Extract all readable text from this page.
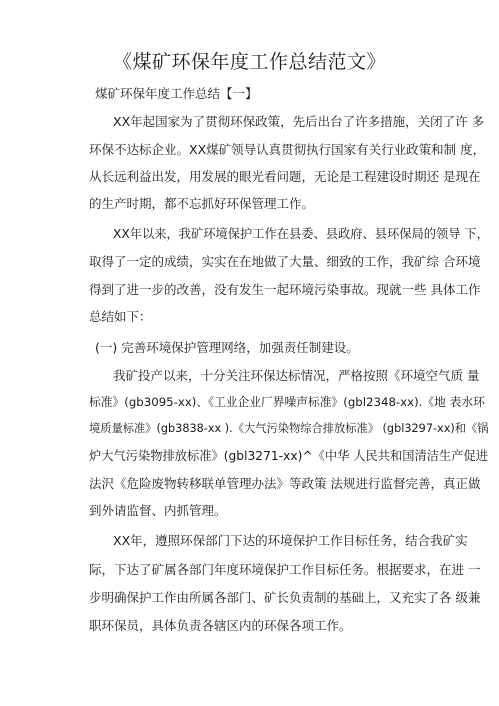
《煤矿环保年度工作总结范文》
煤矿环保年度工作总结【一】
XX年起国家为了贯彻环保政策，先后出台了许多措施，关闭了许 多
环保不达标企业。XX煤矿领导认真贯彻执行国家有关行业政策和制 度，
从长远利益出发，用发展的眼光看问题，无论是工程建设时期还 是现在
的生产时期，都不忘抓好环保管理工作。
XX年以来，我矿环境保护工作在县委、县政府、县环保局的领导 下，
取得了一定的成绩，实实在在地做了大量、细致的工作，我矿综 合环境
得到了进一步的改善，没有发生一起环境污染事故。现就一些 具体工作
总结如下：
(一) 完善环境保护管理网络，加强责任制建设。
我矿投产以来，十分关注环保达标情况，严格按照《环境空气质 量
标准》(gb3095-xx)、《工业企业厂界噪声标准》(gbl2348-xx).《地 表水环
境质量标准》(gb3838-xx ).《大气污染物综合排放标准》 (gbl3297-xx)和《锅
炉大气污染物排放标准》(gbl3271-xx)^《中华 人民共和国清洁生产促进
法沢《危险废物转移联单管理办法》等政策 法规进行监督完善，真正做
到外请监督、内抓管理。
XX年，遵照环保部门下达的环境保护工作目标任务，结合我矿实
际，下达了矿属各部门年度环境保护工作目标任务。根据要求，在进 一
步明确保护工作由所属各部门、矿长负责制的基础上，又充实了各 级兼
职环保员，具体负责各辖区内的环保各项工作。
